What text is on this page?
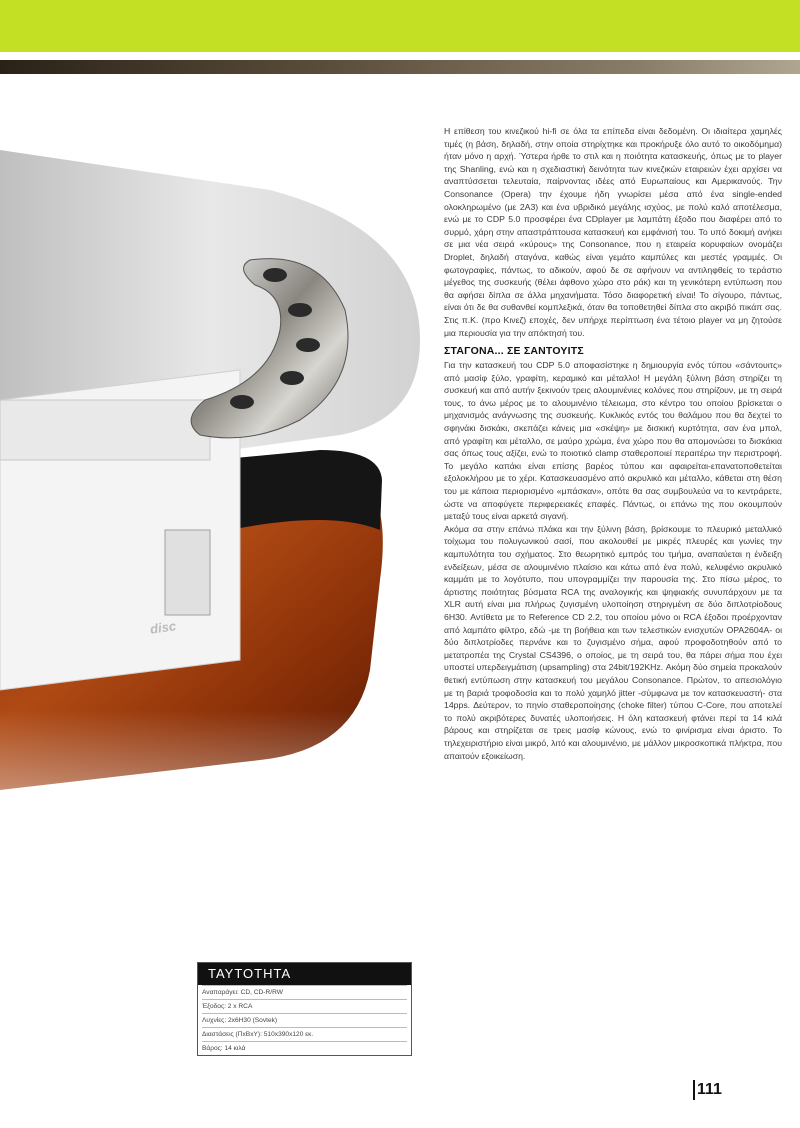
disc

Η επίθεση του κινεζικού hi-fi σε όλα τα επίπεδα είναι δεδομένη. Οι ιδιαίτερα χαμηλές τιμές (η βάση, δηλαδή, στην οποία στηρίχτηκε και προκήρυξε όλο αυτό το οικοδόμημα) ήταν μόνο η αρχή. Ύστερα ήρθε το στιλ και η ποιότητα κατασκευής, όπως με το player της Shanling, ενώ και η σχεδιαστική δεινότητα των κινεζικών εταιρειών έχει αρχίσει να αναπτύσσεται τελευταία, παίρνοντας ιδέες από Ευρωπαίους και Αμερικανούς. Την Consonance (Opera) την έχουμε ήδη γνωρίσει μέσα από ένα single-ended ολοκληρωμένο (με 2A3) και ένα υβριδικό μεγάλης ισχύος, με πολύ καλό αποτέλεσμα, ενώ με το CDP 5.0 προσφέρει ένα CDplayer με λαμπάτη έξοδο που διαφέρει από το συρμό, χάρη στην απαστράπτουσα κατασκευή και εμφάνισή του. Το υπό δοκιμή ανήκει σε μια νέα σειρά «κύρους» της Consonance, που η εταιρεία κορυφαίων ονομάζει Droplet, δηλαδή σταγόνα, καθώς είναι γεμάτο καμπύλες και μεστές γραμμές. Οι φωτογραφίες, πάντως, το αδικούν, αφού δε σε αφήνουν να αντιληφθείς το τεράστιο μέγεθος της συσκευής (θέλει άφθονο χώρο στο ράκ) και τη γενικότερη εντύπωση που θα αφήσει δίπλα σε άλλα μηχανήματα. Τόσο διαφορετική είναι! Το σίγουρο, πάντως, είναι ότι δε θα συθανθεί κομπλεξικά, όταν θα τοποθετηθεί δίπλα στο ακριβό πικάπ σας. Στις π.Κ. (προ Κινεζ) εποχές, δεν υπήρχε περίπτωση ένα τέτοιο player να μη ζητούσε μια περιουσία για την απόκτησή του.

ΣΤΑΓΟΝΑ... ΣΕ ΣΑΝΤΟΥΙΤΣ

Για την κατασκευή του CDP 5.0 αποφασίστηκε η δημιουργία ενός τύπου «σάντουιτς» από μασίφ ξύλο, γραφίτη, κεραμικό και μέταλλο! Η μεγάλη ξύλινη βάση στηρίζει τη συσκευή και από αυτήν ξεκινούν τρεις αλουμινένιες κολόνες που στηρίζουν, με τη σειρά τους, το άνω μέρος με το αλουμινένιο τέλειωμα, στο κέντρο του οποίου βρίσκεται ο μηχανισμός ανάγνωσης της συσκευής. Κυκλικός εντός του θαλάμου που θα δεχτεί το σφηνάκι δισκάκι, σκεπάζει κάνεις μια «σκέψη» με δισκική κυρτότητα, σαν ένα μπολ, από γραφίτη και μέταλλο, σε μαύρο χρώμα, ένα χώρο που θα απομονώσει το δισκάκια σας όπως τους αξίζει, ενώ το ποιοτικό clamp σταθεροποιεί περαιτέρω την περιστροφή. Το μεγάλο καπάκι είναι επίσης βαρέος τύπου και αφαιρείται-επανατοποθετείται εξολοκλήρου με το χέρι. Κατασκευασμένο από ακρυλικό και μέταλλο, κάθεται στη θέση του με κάποια περιορισμένο «μπάσκαν», οπότε θα σας συμβουλεύα να το κεντράρετε, ώστε να αποφύγετε περιφερειακές επαφές. Πάντως, οι επάνω της που οκουμπούν μεταξύ τους είναι αρκετά σιγανή.

Ακόμα σα στην επάνω πλάκα και την ξύλινη βάση, βρίσκουμε το πλευρικό μεταλλικό τοίχωμα του πολυγωνικού σασί, που ακολουθεί με μικρές πλευρές και γωνίες την καμπυλότητα του σχήματος. Στο θεωρητικό εμπρός του τμήμα, αναπαύεται η ένδειξη ενδείξεων, μέσα σε αλουμινένιο πλαίσιο και κάτω από ένα πολύ, κελυφένιο ακρυλικό καμμάτι με το λογότυπο, που υπογραμμίζει την παρουσία της. Στο πίσω μέρος, το άρτιστης ποιότητας βύσματα RCA της αναλογικής και ψηφιακής συνυπάρχουν με τα XLR αυτή είναι μια πλήρως ζυγισμένη υλοποίηση στηριγμένη σε δύο διπλοτρίοδους 6H30. Αντίθετα με το Reference CD 2.2, του οποίου μόνο οι RCA έξοδοι προέρχονταν από λαμπάτο φίλτρο, εδώ -με τη βοήθεια και των τελεστικών ενισχυτών OPA2604A- οι δύο διπλοτρίοδες περνάνε και το ζυγισμένο σήμα, αφού προφοδοτηθούν από το μετατροπέα της Crystal CS4396, ο οποίος, με τη σειρά του, θα πάρει σήμα που έχει υποστεί υπερδειγμάτιση (upsampling) στα 24bit/192KHz. Ακόμη δύο σημεία προκαλούν θετική εντύπωση στην κατασκευή του μεγάλου Consonance. Πρώτον, το απεσιολόγιο με τη βαριά τροφοδοσία και το πολύ χαμηλό jitter -σύμφωνα με τον κατασκευαστή- στα 14pps. Δεύτερον, το πηνίο σταθεροποίησης (choke filter) τύπου C-Core, που αποτελεί το πολύ ακριβότερες δυνατές υλοποιήσεις. Η όλη κατασκευή φτάνει περί τα 14 κιλά βάρους και στηρίζεται σε τρεις μασίφ κώνους, ενώ το φινίρισμα είναι άριστο. Το τηλεχειριστήριο είναι μικρό, λιτό και αλουμινένιο, με μάλλον μικροσκοπικά πλήκτρα, που απαιτούν εξοικείωση.

ΤΑΥΤΟΤΗΤΑ
Αναπαράγει: CD, CD-R/RW
Έξοδος: 2 x RCA
Λυχνίες: 2x6H30 (Sovtek)
Διαστάσεις (ΠxΒxΥ): 510x390x120 εκ.
Βάρος: 14 κιλά
111
